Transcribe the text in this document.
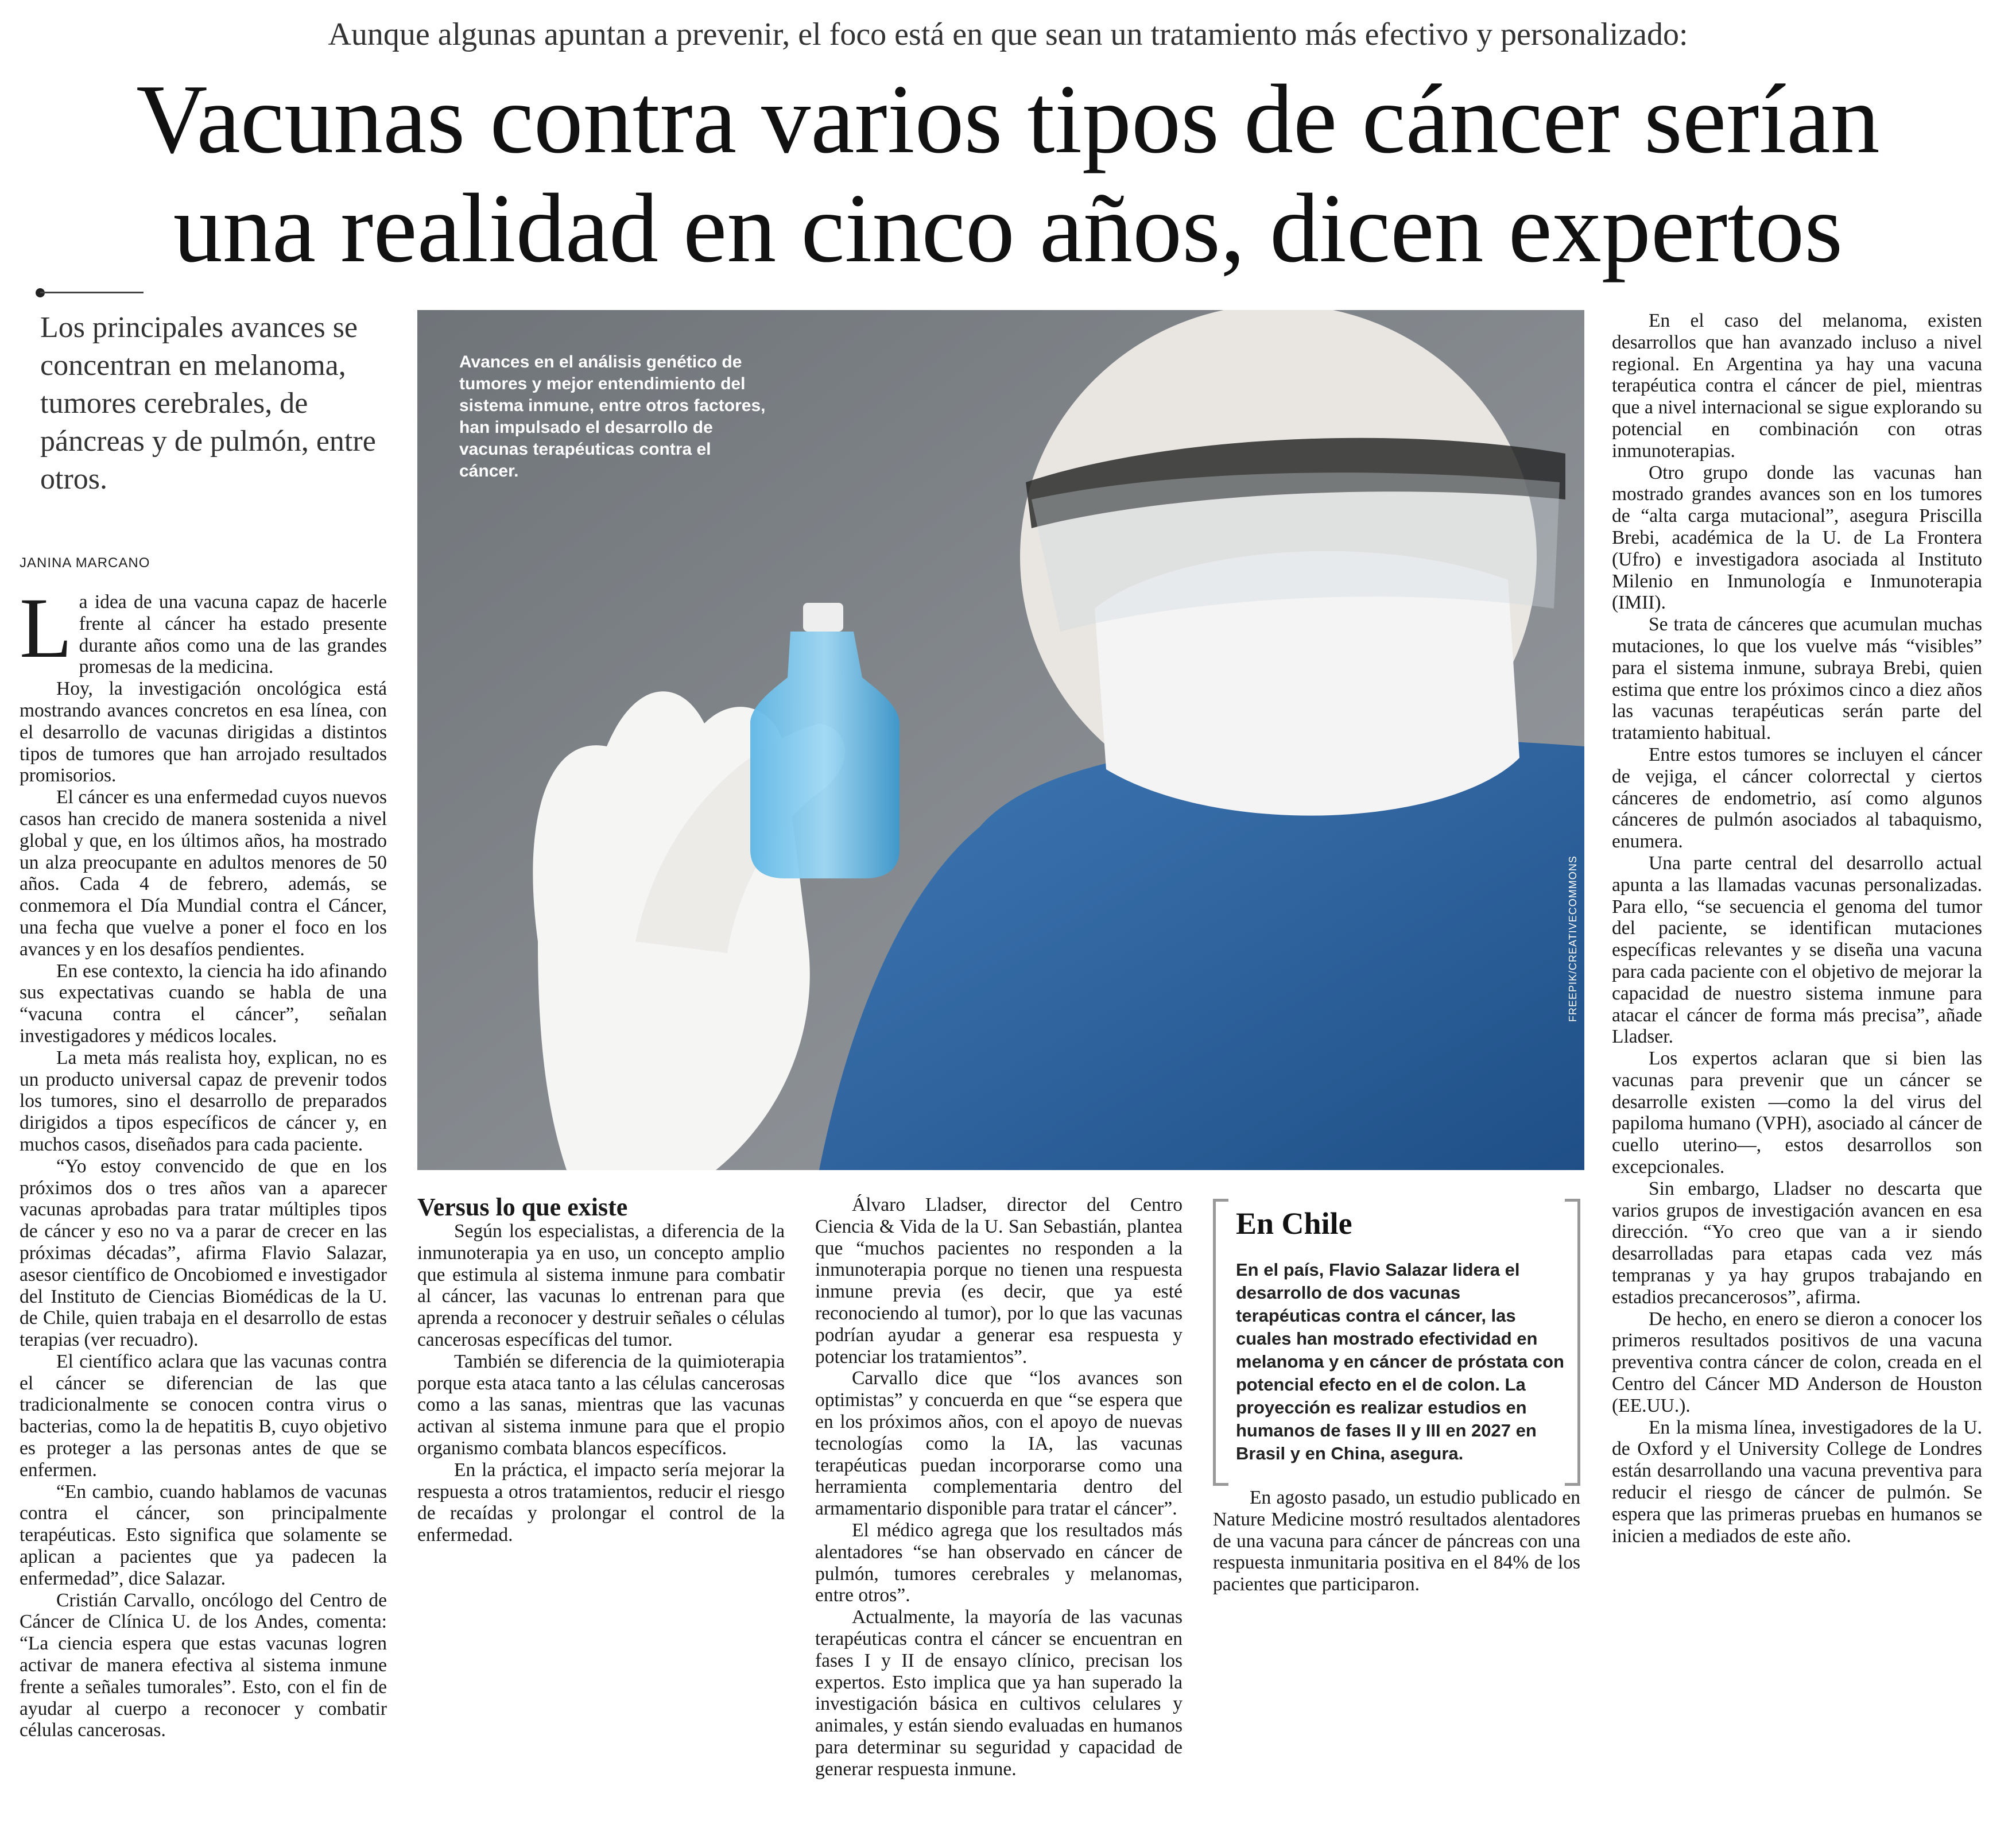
Aunque algunas apuntan a prevenir, el foco está en que sean un tratamiento más efectivo y personalizado:
Vacunas contra varios tipos de cáncer serían
una realidad en cinco años, dicen expertos
Los principales avances se concentran en melanoma, tumores cerebrales, de páncreas y de pulmón, entre otros.
JANINA MARCANO
Avances en el análisis genético de tumores y mejor entendimiento del sistema inmune, entre otros factores, han impulsado el desarrollo de vacunas terapéuticas contra el cáncer.
FREEPIK/CREATIVECOMMONS

La idea de una vacuna capaz de hacerle frente al cáncer ha estado presente durante años como una de las grandes promesas de la medicina.

Hoy, la investigación oncológica está mostrando avances concretos en esa línea, con el desarrollo de vacunas dirigidas a distintos tipos de tumores que han arrojado resultados promisorios.

El cáncer es una enfermedad cuyos nuevos casos han crecido de manera sostenida a nivel global y que, en los últimos años, ha mostrado un alza preocupante en adultos menores de 50 años. Cada 4 de febrero, además, se conmemora el Día Mundial contra el Cáncer, una fecha que vuelve a poner el foco en los avances y en los desafíos pendientes.

En ese contexto, la ciencia ha ido afinando sus expectativas cuando se habla de una “vacuna contra el cáncer”, señalan investigadores y médicos locales.

La meta más realista hoy, explican, no es un producto universal capaz de prevenir todos los tumores, sino el desarrollo de preparados dirigidos a tipos específicos de cáncer y, en muchos casos, diseñados para cada paciente.

“Yo estoy convencido de que en los próximos dos o tres años van a aparecer vacunas aprobadas para tratar múltiples tipos de cáncer y eso no va a parar de crecer en las próximas décadas”, afirma Flavio Salazar, asesor científico de Oncobiomed e investigador del Instituto de Ciencias Biomédicas de la U. de Chile, quien trabaja en el desarrollo de estas terapias (ver recuadro).

El científico aclara que las vacunas contra el cáncer se diferencian de las que tradicionalmente se conocen contra virus o bacterias, como la de hepatitis B, cuyo objetivo es proteger a las personas antes de que se enfermen.

“En cambio, cuando hablamos de vacunas contra el cáncer, son principalmente terapéuticas. Esto significa que solamente se aplican a pacientes que ya padecen la enfermedad”, dice Salazar.

Cristián Carvallo, oncólogo del Centro de Cáncer de Clínica U. de los Andes, comenta: “La ciencia espera que estas vacunas logren activar de manera efectiva al sistema inmune frente a señales tumorales”. Esto, con el fin de ayudar al cuerpo a reconocer y combatir células cancerosas.

Versus lo que existe

Según los especialistas, a diferencia de la inmunoterapia ya en uso, un concepto amplio que estimula al sistema inmune para combatir al cáncer, las vacunas lo entrenan para que aprenda a reconocer y destruir señales o células cancerosas específicas del tumor.

También se diferencia de la quimioterapia porque esta ataca tanto a las células cancerosas como a las sanas, mientras que las vacunas activan al sistema inmune para que el propio organismo combata blancos específicos.

En la práctica, el impacto sería mejorar la respuesta a otros tratamientos, reducir el riesgo de recaídas y prolongar el control de la enfermedad.

Álvaro Lladser, director del Centro Ciencia & Vida de la U. San Sebastián, plantea que “muchos pacientes no responden a la inmunoterapia porque no tienen una respuesta inmune previa (es decir, que ya esté reconociendo al tumor), por lo que las vacunas podrían ayudar a generar esa respuesta y potenciar los tratamientos”.

Carvallo dice que “los avances son optimistas” y concuerda en que “se espera que en los próximos años, con el apoyo de nuevas tecnologías como la IA, las vacunas terapéuticas puedan incorporarse como una herramienta complementaria dentro del armamentario disponible para tratar el cáncer”.

El médico agrega que los resultados más alentadores “se han observado en cáncer de pulmón, tumores cerebrales y melanomas, entre otros”.

Actualmente, la mayoría de las vacunas terapéuticas contra el cáncer se encuentran en fases I y II de ensayo clínico, precisan los expertos. Esto implica que ya han superado la investigación básica en cultivos celulares y animales, y están siendo evaluadas en humanos para determinar su seguridad y capacidad de generar respuesta inmune.

En Chile
En el país, Flavio Salazar lidera el desarrollo de dos vacunas terapéuticas contra el cáncer, las cuales han mostrado efectividad en melanoma y en cáncer de próstata con potencial efecto en el de colon. La proyección es realizar estudios en humanos de fases II y III en 2027 en Brasil y en China, asegura.

En agosto pasado, un estudio publicado en Nature Medicine mostró resultados alentadores de una vacuna para cáncer de páncreas con una respuesta inmunitaria positiva en el 84% de los pacientes que participaron.

En el caso del melanoma, existen desarrollos que han avanzado incluso a nivel regional. En Argentina ya hay una vacuna terapéutica contra el cáncer de piel, mientras que a nivel internacional se sigue explorando su potencial en combinación con otras inmunoterapias.

Otro grupo donde las vacunas han mostrado grandes avances son en los tumores de “alta carga mutacional”, asegura Priscilla Brebi, académica de la U. de La Frontera (Ufro) e investigadora asociada al Instituto Milenio en Inmunología e Inmunoterapia (IMII).

Se trata de cánceres que acumulan muchas mutaciones, lo que los vuelve más “visibles” para el sistema inmune, subraya Brebi, quien estima que entre los próximos cinco a diez años las vacunas terapéuticas serán parte del tratamiento habitual.

Entre estos tumores se incluyen el cáncer de vejiga, el cáncer colorrectal y ciertos cánceres de endometrio, así como algunos cánceres de pulmón asociados al tabaquismo, enumera.

Una parte central del desarrollo actual apunta a las llamadas vacunas personalizadas. Para ello, “se secuencia el genoma del tumor del paciente, se identifican mutaciones específicas relevantes y se diseña una vacuna para cada paciente con el objetivo de mejorar la capacidad de nuestro sistema inmune para atacar el cáncer de forma más precisa”, añade Lladser.

Los expertos aclaran que si bien las vacunas para prevenir que un cáncer se desarrolle existen —como la del virus del papiloma humano (VPH), asociado al cáncer de cuello uterino—, estos desarrollos son excepcionales.

Sin embargo, Lladser no descarta que varios grupos de investigación avancen en esa dirección. “Yo creo que van a ir siendo desarrolladas para etapas cada vez más tempranas y ya hay grupos trabajando en estadios precancerosos”, afirma.

De hecho, en enero se dieron a conocer los primeros resultados positivos de una vacuna preventiva contra cáncer de colon, creada en el Centro del Cáncer MD Anderson de Houston (EE.UU.).

En la misma línea, investigadores de la U. de Oxford y el University College de Londres están desarrollando una vacuna preventiva para reducir el riesgo de cáncer de pulmón. Se espera que las primeras pruebas en humanos se inicien a mediados de este año.
